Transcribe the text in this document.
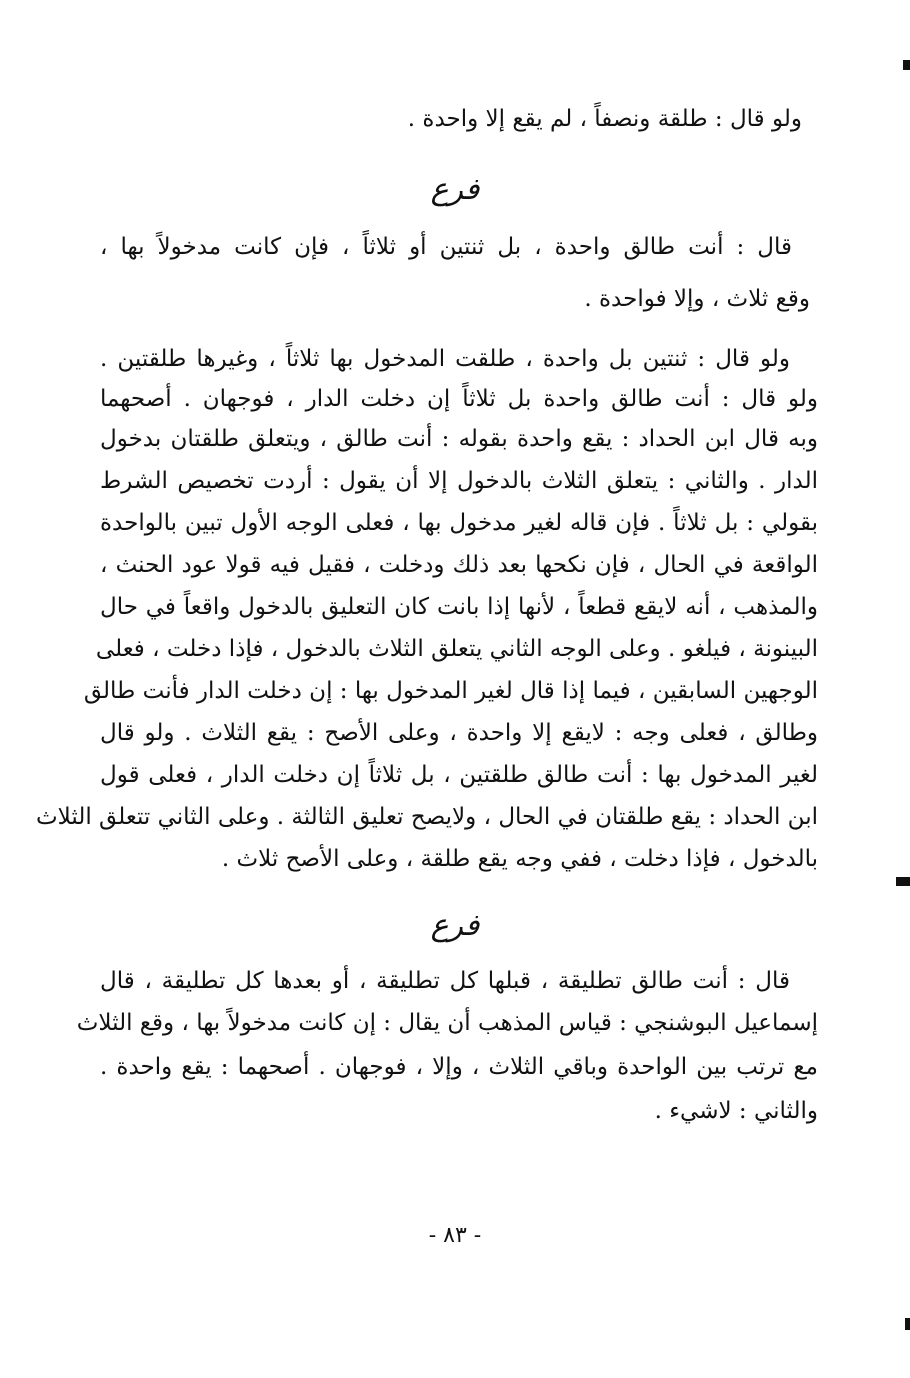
ولو قال : طلقة ونصفاً ، لم يقع إلا واحدة .
فرع
قال : أنت طالق واحدة ، بل ثنتين أو ثلاثاً ، فإن كانت مدخولاً بها ،
وقع ثلاث ، وإلا فواحدة .
ولو قال : ثنتين بل واحدة ، طلقت المدخول بها ثلاثاً ، وغيرها طلقتين .
ولو قال : أنت طالق واحدة بل ثلاثاً إن دخلت الدار ، فوجهان . أصحهما
وبه قال ابن الحداد : يقع واحدة بقوله : أنت طالق ، ويتعلق طلقتان بدخول
الدار . والثاني : يتعلق الثلاث بالدخول إلا أن يقول : أردت تخصيص الشرط
بقولي : بل ثلاثاً . فإن قاله لغير مدخول بها ، فعلى الوجه الأول تبين بالواحدة
الواقعة في الحال ، فإن نكحها بعد ذلك ودخلت ، فقيل فيه قولا عود الحنث ،
والمذهب ، أنه لايقع قطعاً ، لأنها إذا بانت كان التعليق بالدخول واقعاً في حال
البينونة ، فيلغو . وعلى الوجه الثاني يتعلق الثلاث بالدخول ، فإذا دخلت ، فعلى
الوجهين السابقين ، فيما إذا قال لغير المدخول بها : إن دخلت الدار فأنت طالق
وطالق ، فعلى وجه : لايقع إلا واحدة ، وعلى الأصح : يقع الثلاث . ولو قال
لغير المدخول بها : أنت طالق طلقتين ، بل ثلاثاً إن دخلت الدار ، فعلى قول
ابن الحداد : يقع طلقتان في الحال ، ولايصح تعليق الثالثة . وعلى الثاني تتعلق الثلاث
بالدخول ، فإذا دخلت ، ففي وجه يقع طلقة ، وعلى الأصح ثلاث .
فرع
قال : أنت طالق تطليقة ، قبلها كل تطليقة ، أو بعدها كل تطليقة ، قال
إسماعيل البوشنجي : قياس المذهب أن يقال : إن كانت مدخولاً بها ، وقع الثلاث
مع ترتب بين الواحدة وباقي الثلاث ، وإلا ، فوجهان . أصحهما : يقع واحدة .
والثاني : لاشيء .
- ٨٣ -
